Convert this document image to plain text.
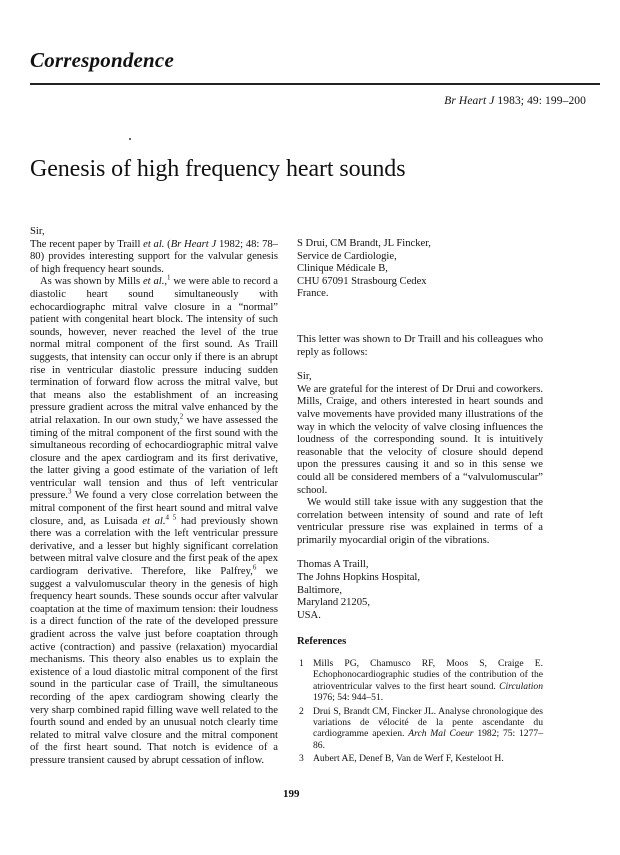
Correspondence
Br Heart J 1983; 49: 199–200
Genesis of high frequency heart sounds

Sir,

The recent paper by Traill et al. (Br Heart J 1982; 48: 78–80) provides interesting support for the valvular genesis of high frequency heart sounds.

As was shown by Mills et al.,$^1$ we were able to record a diastolic heart sound simultaneously with echocardiographc mitral valve closure in a “normal” patient with congenital heart block. The intensity of such sounds, however, never reached the level of the true normal mitral component of the first sound. As Traill suggests, that intensity can occur only if there is an abrupt rise in ventricular diastolic pressure inducing sudden termination of forward flow across the mitral valve, but that means also the establishment of an increasing pressure gradient across the mitral valve enhanced by the atrial relaxation. In our own study,$^2$ we have assessed the timing of the mitral component of the first sound with the simultaneous recording of echocardiographic mitral valve closure and the apex cardiogram and its first derivative, the latter giving a good estimate of the variation of left ventricular wall tension and thus of left ventricular pressure.$^3$ We found a very close correlation between the mitral component of the first heart sound and mitral valve closure, and, as Luisada et al.$^{4 5}$ had previously shown there was a correlation with the left ventricular pressure derivative, and a lesser but highly significant correlation between mitral valve closure and the first peak of the apex cardiogram derivative. Therefore, like Palfrey,$^6$ we suggest a valvulomuscular theory in the genesis of high frequency heart sounds. These sounds occur after valvular coaptation at the time of maximum tension: their loudness is a direct function of the rate of the developed pressure gradient across the valve just before coaptation through active (contraction) and passive (relaxation) myocardial mechanisms. This theory also enables us to explain the existence of a loud diastolic mitral component of the first sound in the particular case of Traill, the simultaneous recording of the apex cardiogram showing clearly the very sharp combined rapid filling wave well related to the fourth sound and ended by an unusual notch clearly time related to mitral valve closure and the mitral component of the first heart sound. That notch is evidence of a pressure transient caused by abrupt cessation of inflow.

S Drui, CM Brandt, JL Fincker,
Service de Cardiologie,
Clinique Médicale B,
CHU 67091 Strasbourg Cedex
France.

This letter was shown to Dr Traill and his colleagues who reply as follows:

Sir,

We are grateful for the interest of Dr Drui and coworkers. Mills, Craige, and others interested in heart sounds and valve movements have provided many illustrations of the way in which the velocity of valve closing influences the loudness of the corresponding sound. It is intuitively reasonable that the velocity of closure should depend upon the pressures causing it and so in this sense we could all be considered members of a “valvulomuscular” school.

We would still take issue with any suggestion that the correlation between intensity of sound and rate of left ventricular pressure rise was explained in terms of a primarily myocardial origin of the vibrations.

Thomas A Traill,
The Johns Hopkins Hospital,
Baltimore,
Maryland 21205,
USA.
References
1 Mills PG, Chamusco RF, Moos S, Craige E. Echophonocardiographic studies of the contribution of the atrioventricular valves to the first heart sound. Circulation 1976; 54: 944–51.
2 Drui S, Brandt CM, Fincker JL. Analyse chronologique des variations de vélocité de la pente ascendante du cardiogramme apexien. Arch Mal Coeur 1982; 75: 1277–86.
3 Aubert AE, Denef B, Van de Werf F, Kesteloot H.
199
